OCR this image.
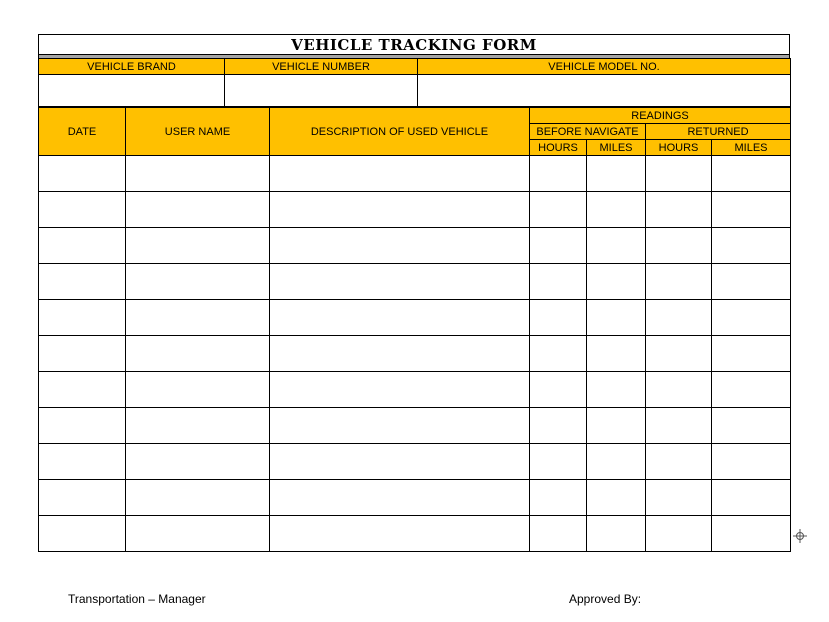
VEHICLE TRACKING FORM
VEHICLE BRAND	VEHICLE NUMBER	VEHICLE MODEL NO.

DATE	USER NAME	DESCRIPTION OF USED VEHICLE	READINGS			
			BEFORE NAVIGATE		RETURNED	
			HOURS	MILES	HOURS	MILES

Transportation – Manager	Approved By:
